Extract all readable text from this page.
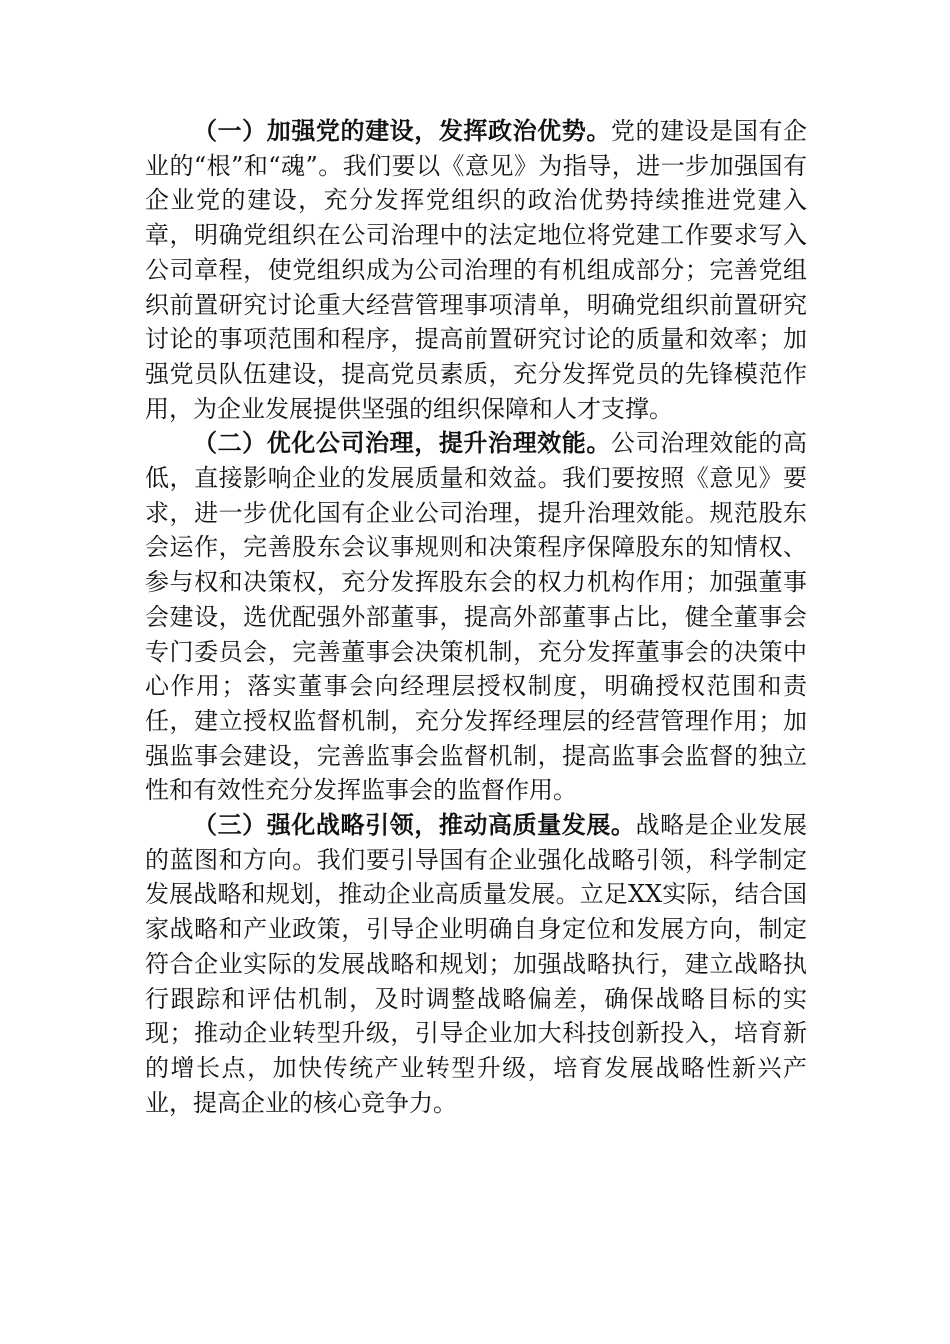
（一）加强党的建设，发挥政治优势。党的建设是国有企业的“根”和“魂”。我们要以《意见》为指导，进一步加强国有企业党的建设，充分发挥党组织的政治优势持续推进党建入章，明确党组织在公司治理中的法定地位将党建工作要求写入公司章程，使党组织成为公司治理的有机组成部分；完善党组织前置研究讨论重大经营管理事项清单，明确党组织前置研究讨论的事项范围和程序，提高前置研究讨论的质量和效率；加强党员队伍建设，提高党员素质，充分发挥党员的先锋模范作用，为企业发展提供坚强的组织保障和人才支撑。

（二）优化公司治理，提升治理效能。公司治理效能的高低，直接影响企业的发展质量和效益。我们要按照《意见》要求，进一步优化国有企业公司治理，提升治理效能。规范股东会运作，完善股东会议事规则和决策程序保障股东的知情权、参与权和决策权，充分发挥股东会的权力机构作用；加强董事会建设，选优配强外部董事，提高外部董事占比，健全董事会专门委员会，完善董事会决策机制，充分发挥董事会的决策中心作用；落实董事会向经理层授权制度，明确授权范围和责任，建立授权监督机制，充分发挥经理层的经营管理作用；加强监事会建设，完善监事会监督机制，提高监事会监督的独立性和有效性充分发挥监事会的监督作用。

（三）强化战略引领，推动高质量发展。战略是企业发展的蓝图和方向。我们要引导国有企业强化战略引领，科学制定发展战略和规划，推动企业高质量发展。立足XX实际，结合国家战略和产业政策，引导企业明确自身定位和发展方向，制定符合企业实际的发展战略和规划；加强战略执行，建立战略执行跟踪和评估机制，及时调整战略偏差，确保战略目标的实现；推动企业转型升级，引导企业加大科技创新投入，培育新的增长点，加快传统产业转型升级，培育发展战略性新兴产业，提高企业的核心竞争力。
